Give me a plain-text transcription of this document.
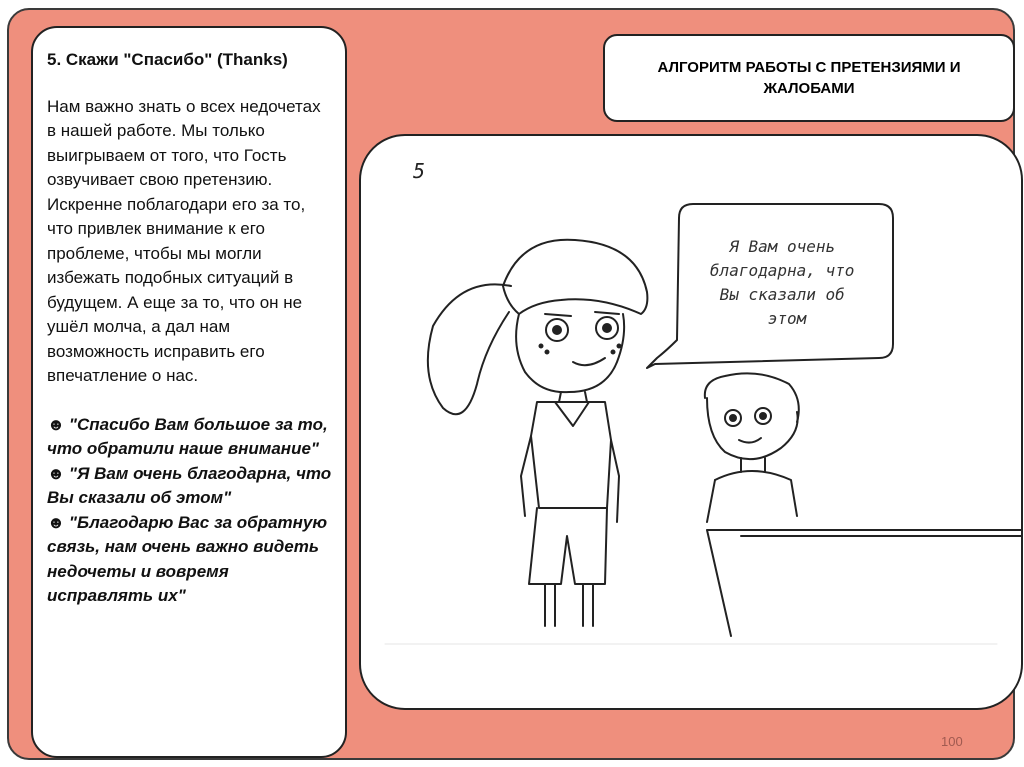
5. Скажи "Спасибо" (Thanks)

Нам важно знать о всех недочетах в нашей работе. Мы только выигрываем от того, что Гость озвучивает свою претензию. Искренне поблагодари его за то, что привлек внимание к его проблеме, чтобы мы могли избежать подобных ситуаций в будущем. А еще за то, что он не ушёл молча, а дал нам возможность исправить его впечатление о нас.

☻ "Спасибо Вам большое за то, что обратили наше внимание"

☻ "Я Вам очень благодарна, что Вы сказали об этом"

☻ "Благодарю Вас за обратную связь, нам очень важно видеть недочеты и вовремя исправлять их"

АЛГОРИТМ РАБОТЫ С ПРЕТЕНЗИЯМИ И ЖАЛОБАМИ
5
Я Вам очень благодарна, что Вы сказали об этом
100
